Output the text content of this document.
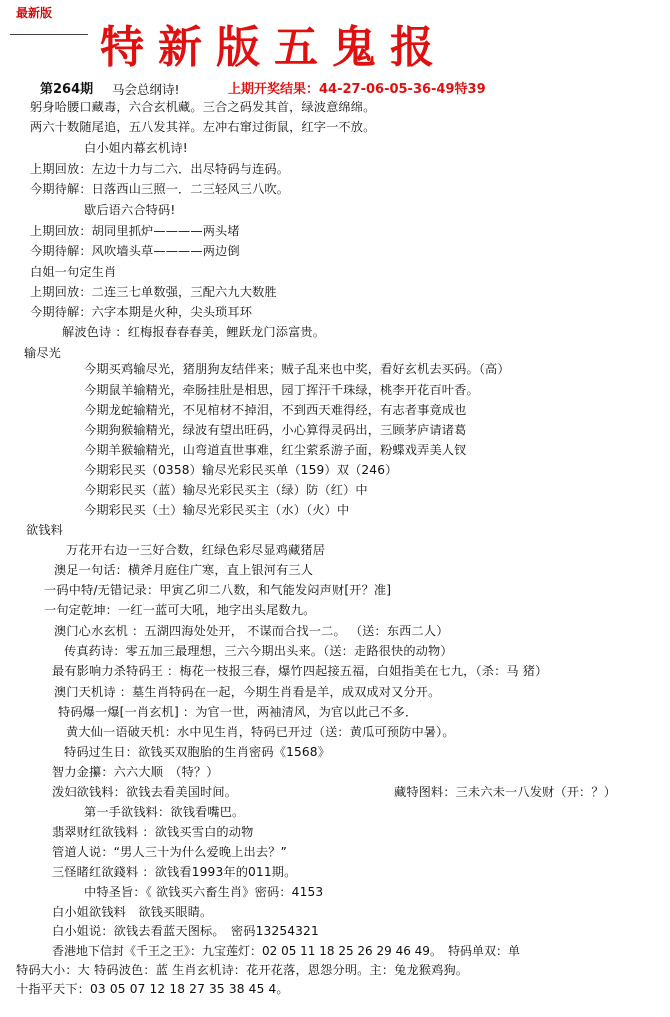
最新版
特新版五鬼报
第264期 马会总纲诗!	上期开奖结果：44-27-06-05-36-49特39
躬身哈腰口藏毒，六合玄机藏。三合之码发其首，绿波意绵绵。
两六十数随尾追，五八发其祥。左冲右窜过街鼠，红字一不放。
白小姐内幕玄机诗!
上期回放：左边十力与二六．出尽特码与连码。
今期待解：日落西山三照一．二三轻风三八吹。
歇后语六合特码!
上期回放：胡同里抓炉————两头堵
今期待解：风吹墙头草————两边倒
白姐一句定生肖
上期回放：二连三七单数强，三配六九大数胜
今期待解：六字本期是火种，尖头琐耳环
解波色诗 ：红梅报春春春美，鲤跃龙门添富贵。
输尽光
今期买鸡输尽光，猪朋狗友结伴来；贼子乱来也中奖，看好玄机去买码。（高）
今期鼠羊输精光，牵肠挂肚是相思，园丁挥汗千珠绿，桃李开花百叶香。
今期龙蛇输精光，不见棺材不掉泪，不到西天难得经，有志者事竟成也
今期狗猴输精光，绿波有望出旺码，小心算得灵码出，三顾茅庐请诸葛
今期羊猴输精光，山弯道直世事难，红尘萦系游子面，粉蝶戏弄美人钗
今期彩民买（0358）输尽光彩民买单（159）双（246）
今期彩民买（蓝）输尽光彩民买主（绿）防（红）中
今期彩民买（土）输尽光彩民买主（水）（火）中
欲钱料
万花开右边一三好合数，红绿色彩尽显鸡藏猪居
澳足一句话：横斧月庭住广寒，直上银河有三人
一码中特/无错记录：甲寅乙卯二八数，和气能发闷声财[开？准]
一句定乾坤：一红一蓝可大吼，地字出头尾数九。
澳门心水玄机 ：五湖四海处处开， 不谋而合找一二。 （送：东西二人）
传真药诗：零五加三最理想，三六今期出头来。（送：走路很快的动物）
最有影响力杀特码王 ：梅花一枝报三春，爆竹四起接五福，白姐指美在七九，（杀：马 猪）
澳门天机诗 ：墓生肖特码在一起，今期生肖看是羊，成双成对又分开。
特码爆一爆[一肖玄机] ：为官一世，两袖清风，为官以此己不多．
黄大仙一语破天机：水中见生肖，特码已开过（送：黄瓜可预防中暑）。
特码过生日：欲钱买双胞胎的生肖密码《1568》
智力金攥：六六大顺　（特？）
泼妇欲钱料：欲钱去看美国时间。	藏特图料：三未六未一八发财（开：？）
第一手欲钱料：欲钱看嘴巴。
翡翠财红欲钱料 ：欲钱买雪白的动物
管道人说：“男人三十为什么爱晚上出去？”
三怪睹红欲錢料 ：欲钱看1993年的011期。
中特圣旨：《 欲钱买六畜生肖》密码：4153
白小姐欲钱料　欲钱买眼睛。
白小姐说：欲钱去看蓝天图标。　密码13254321
香港地下信封《千王之王》：九宝莲灯：02 05 11 18 25 26 29 46 49。　特码单双：单
特码大小：大 特码波色：蓝 生肖玄机诗：花开花落，恩怨分明。主：兔龙猴鸡狗。
十指平天下：03 05 07 12 18 27 35 38 45 4。
